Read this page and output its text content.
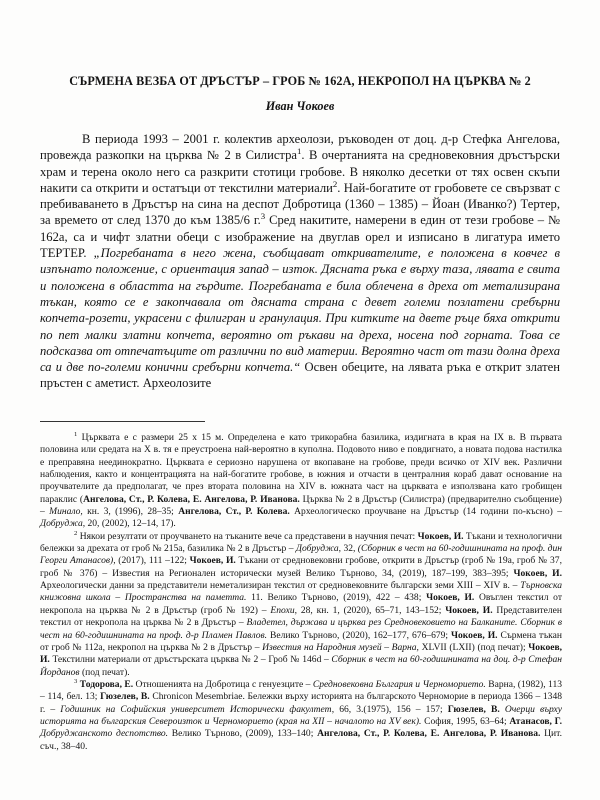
СЪРМЕНА ВЕЗБА ОТ ДРЪСТЪР – ГРОБ № 162А, НЕКРОПОЛ НА ЦЪРКВА № 2
Иван Чокоев

В периода 1993 – 2001 г. колектив археолози, ръководен от доц. д-р Стефка Ангелова, провежда разкопки на църква № 2 в Силистра$^1$. В очертанията на средновековния дръстърски храм и терена около него са разкрити стотици гробове. В няколко десетки от тях освен скъпи накити са открити и остатъци от текстилни материали$^2$. Най-богатите от гробовете се свързват с пребиваването в Дръстър на сина на деспот Добротица (1360 – 1385) – Йоан (Иванко?) Тертер, за времето от след 1370 до към 1385/6 г.$^3$ Сред накитите, намерени в един от тези гробове – № 162а, са и чифт златни обеци с изображение на двуглав орел и изписано в лигатура името ТЕРТЕР. „Погребаната в него жена, съобщават откривателите, е положена в ковчег в изпънато положение, с ориентация запад – изток. Дясната ръка е върху таза, лявата е свита и положена в областта на гърдите. Погребаната е била облечена в дреха от метализирана тъкан, която се е закопчавала от дясната страна с девет големи позлатени сребърни копчета-розети, украсени с филигран и гранулация. При китките на двете ръце бяха открити по пет малки златни копчета, вероятно от ръкави на дреха, носена под горната. Това се подсказва от отпечатъците от различни по вид материи. Вероятно част от тази долна дреха са и две по-големи конични сребърни копчета.“ Освен обеците, на лявата ръка е открит златен пръстен с аметист. Археолозите

$^1$ Църквата е с размери 25 x 15 м. Определена е като трикорабна базилика, издигната в края на IX в. В първата половина или средата на X в. тя е преустроена най-вероятно в куполна. Подовото ниво е повдигнато, а новата подова настилка е преправяна неединократно. Църквата е сериозно нарушена от вкопаване на гробове, преди всичко от XIV век. Различни наблюдения, както и концентрацията на най-богатите гробове, в южния и отчасти в централния кораб дават основание на проучвателите да предполагат, че през втората половина на XIV в. южната част на църквата е използвана като гробищен параклис (Ангелова, Ст., Р. Колева, Е. Ангелова, Р. Иванова. Църква № 2 в Дръстър (Силистра) (предварително съобщение) – Минало, кн. 3, (1996), 28–35; Ангелова, Ст., Р. Колева. Археологическо проучване на Дръстър (14 години по-късно) – Добруджа, 20, (2002), 12–14, 17).

$^2$ Някои резултати от проучването на тъканите вече са представени в научния печат: Чокоев, И. Тъкани и технологични бележки за дрехата от гроб № 215а, базилика № 2 в Дръстър – Добруджа, 32, (Сборник в чест на 60-годишнината на проф. дин Георги Атанасов), (2017), 111 –122; Чокоев, И. Тъкани от средновековни гробове, открити в Дръстър (гроб № 19а, гроб № 37, гроб № 37б) – Известия на Регионален исторически музей Велико Търново, 34, (2019), 187–199, 383–395; Чокоев, И. Археологически данни за представители неметализиран текстил от средновековните български земи XIII – XIV в. – Търновска книжовна школа – Пространства на паметта. 11. Велико Търново, (2019), 422 – 438; Чокоев, И. Овъглен текстил от некропола на църква № 2 в Дръстър (гроб № 192) – Епохи, 28, кн. 1, (2020), 65–71, 143–152; Чокоев, И. Представителен текстил от некропола на църква № 2 в Дръстър – Владетел, държава и църква рез Средновековието на Балканите. Сборник в чест на 60-годишнината на проф. д-р Пламен Павлов. Велико Търново, (2020), 162–177, 676–679; Чокоев, И. Сърмена тъкан от гроб № 112а, некропол на църква № 2 в Дръстър – Известия на Народния музей – Варна, XLVII (LXII) (под печат); Чокоев, И. Текстилни материали от дръстърската църква № 2 – Гроб № 146d – Сборник в чест на 60-годишнината на доц. д-р Стефан Йорданов (под печат).

$^3$ Тодорова, Е. Отношенията на Добротица с генуезците – Средновековна България и Черноморието. Варна, (1982), 113 – 114, бел. 13; Гюзелев, В. Chronicon Mesembriae. Бележки върху историята на българското Черноморие в периода 1366 – 1348 г. – Годишник на Софийския университет Исторически факултет, 66, 3.(1975), 156 – 157; Гюзелев, В. Очерци върху историята на българския Североизток и Черноморието (края на XII – началото на XV век). София, 1995, 63–64; Атанасов, Г. Добруджанското деспотство. Велико Търново, (2009), 133–140; Ангелова, Ст., Р. Колева, Е. Ангелова, Р. Иванова. Цит. съч., 38–40.
